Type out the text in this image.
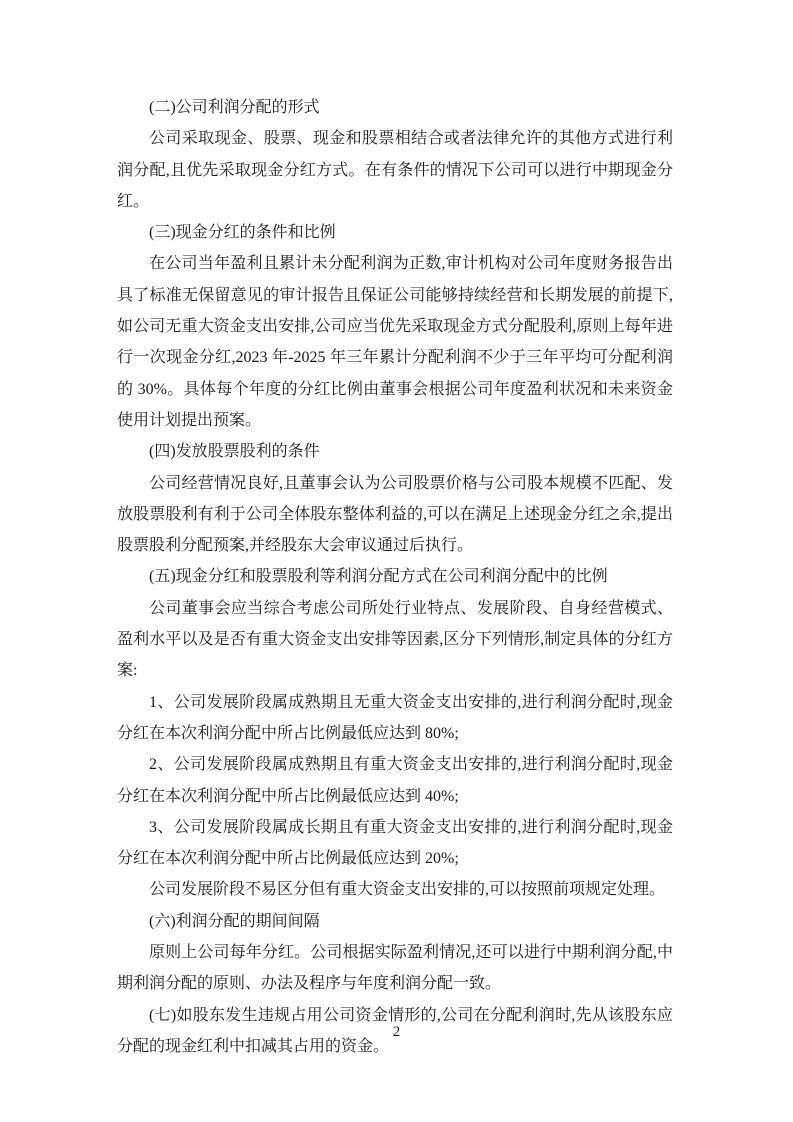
(二)公司利润分配的形式

公司采取现金、股票、现金和股票相结合或者法律允许的其他方式进行利润分配,且优先采取现金分红方式。在有条件的情况下公司可以进行中期现金分红。

(三)现金分红的条件和比例

在公司当年盈利且累计未分配利润为正数,审计机构对公司年度财务报告出具了标准无保留意见的审计报告且保证公司能够持续经营和长期发展的前提下,如公司无重大资金支出安排,公司应当优先采取现金方式分配股利,原则上每年进行一次现金分红,2023 年-2025 年三年累计分配利润不少于三年平均可分配利润的 30%。具体每个年度的分红比例由董事会根据公司年度盈利状况和未来资金使用计划提出预案。

(四)发放股票股利的条件

公司经营情况良好,且董事会认为公司股票价格与公司股本规模不匹配、发放股票股利有利于公司全体股东整体利益的,可以在满足上述现金分红之余,提出股票股利分配预案,并经股东大会审议通过后执行。

(五)现金分红和股票股利等利润分配方式在公司利润分配中的比例

公司董事会应当综合考虑公司所处行业特点、发展阶段、自身经营模式、盈利水平以及是否有重大资金支出安排等因素,区分下列情形,制定具体的分红方案:

1、公司发展阶段属成熟期且无重大资金支出安排的,进行利润分配时,现金分红在本次利润分配中所占比例最低应达到 80%;

2、公司发展阶段属成熟期且有重大资金支出安排的,进行利润分配时,现金分红在本次利润分配中所占比例最低应达到 40%;

3、公司发展阶段属成长期且有重大资金支出安排的,进行利润分配时,现金分红在本次利润分配中所占比例最低应达到 20%;

公司发展阶段不易区分但有重大资金支出安排的,可以按照前项规定处理。

(六)利润分配的期间间隔

原则上公司每年分红。公司根据实际盈利情况,还可以进行中期利润分配,中期利润分配的原则、办法及程序与年度利润分配一致。

(七)如股东发生违规占用公司资金情形的,公司在分配利润时,先从该股东应分配的现金红利中扣减其占用的资金。

2
